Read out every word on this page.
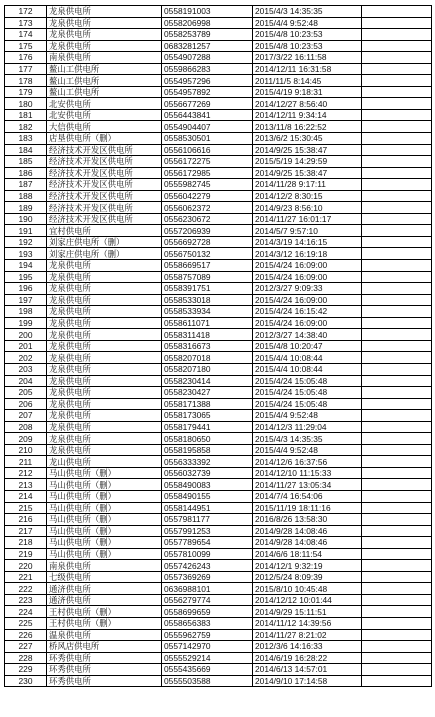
172	龙泉供电所	0558191003	2015/4/3 14:35:35	
173	龙泉供电所	0558206998	2015/4/4 9:52:48	
174	龙泉供电所	0558253789	2015/4/8 10:23:53	
175	龙泉供电所	0683281257	2015/4/8 10:23:53	
176	南泉供电所	0554907288	2017/3/22 16:11:58	
177	鳌山工供电所	0559866283	2014/12/11 16:31:58	
178	鳌山工供电所	0554957296	2011/11/5 8:14:45	
179	鳌山工供电所	0554957892	2015/4/19 9:18:31	
180	北安供电所	0556677269	2014/12/27 8:56:40	
181	北安供电所	0556443841	2014/12/11 9:34:14	
182	大信供电所	0554904407	2013/11/8 16:22:52	
183	店垦供电所（删）	0558530501	2013/6/2 15:30:45	
184	经济技术开发区供电所	0556106616	2014/9/25 15:38:47	
185	经济技术开发区供电所	0556172275	2015/5/19 14:29:59	
186	经济技术开发区供电所	0556172985	2014/9/25 15:38:47	
187	经济技术开发区供电所	0555982745	2014/11/28 9:17:11	
188	经济技术开发区供电所	0556042279	2014/12/2 8:30:15	
189	经济技术开发区供电所	0556062372	2014/9/23 8:56:10	
190	经济技术开发区供电所	0556230672	2014/11/27 16:01:17	
191	宜村供电所	0557206939	2014/5/7 9:57:10	
192	刘家庄供电所（删）	0556692728	2014/3/19 14:16:15	
193	刘家庄供电所（删）	0556750132	2014/3/12 16:19:18	
194	龙泉供电所	0558669517	2015/4/24 16:09:00	
195	龙泉供电所	0558757089	2015/4/24 16:09:00	
196	龙泉供电所	0558391751	2012/3/27 9:09:33	
197	龙泉供电所	0558533018	2015/4/24 16:09:00	
198	龙泉供电所	0558533934	2015/4/24 16:15:42	
199	龙泉供电所	0558611071	2015/4/24 16:09:00	
200	龙泉供电所	0558311418	2012/3/27 14:38:40	
201	龙泉供电所	0558316673	2015/4/8 10:20:47	
202	龙泉供电所	0558207018	2015/4/4 10:08:44	
203	龙泉供电所	0558207180	2015/4/4 10:08:44	
204	龙泉供电所	0558230414	2015/4/24 15:05:48	
205	龙泉供电所	0558230427	2015/4/24 15:05:48	
206	龙泉供电所	0558171388	2015/4/24 15:05:48	
207	龙泉供电所	0558173065	2015/4/4 9:52:48	
208	龙泉供电所	0558179441	2014/12/3 11:29:04	
209	龙泉供电所	0558180650	2015/4/3 14:35:35	
210	龙泉供电所	0558195858	2015/4/4 9:52:48	
211	龙山供电所	0556333392	2014/12/6 16:37:56	
212	马山供电所（删）	0556032739	2014/12/10 11:15:33	
213	马山供电所（删）	0558490083	2014/11/27 13:05:34	
214	马山供电所（删）	0558490155	2014/7/4 16:54:06	
215	马山供电所（删）	0558144951	2015/11/19 18:11:16	
216	马山供电所（删）	0557981177	2016/8/26 13:58:30	
217	马山供电所（删）	0557991253	2014/9/28 14:08:46	
218	马山供电所（删）	0557789654	2014/9/28 14:08:46	
219	马山供电所（删）	0557810099	2014/6/6 18:11:54	
220	南泉供电所	0557426243	2014/12/1 9:32:19	
221	七级供电所	0557369269	2012/5/24 8:09:39	
222	通济供电所	0636988101	2015/8/10 10:45:48	
223	通济供电所	0556279774	2014/12/12 10:01:44	
224	王村供电所（删）	0558699659	2014/9/29 15:11:51	
225	王村供电所（删）	0558656383	2014/11/12 14:39:56	
226	温泉供电所	0555962759	2014/11/27 8:21:02	
227	桥风店供电所	0557142970	2012/3/6 14:16:33	
228	环秀供电所	0555529214	2014/6/19 16:28:22	
229	环秀供电所	0555435669	2014/6/13 14:57:01	
230	环秀供电所	0555503588	2014/9/10 17:14:58	
